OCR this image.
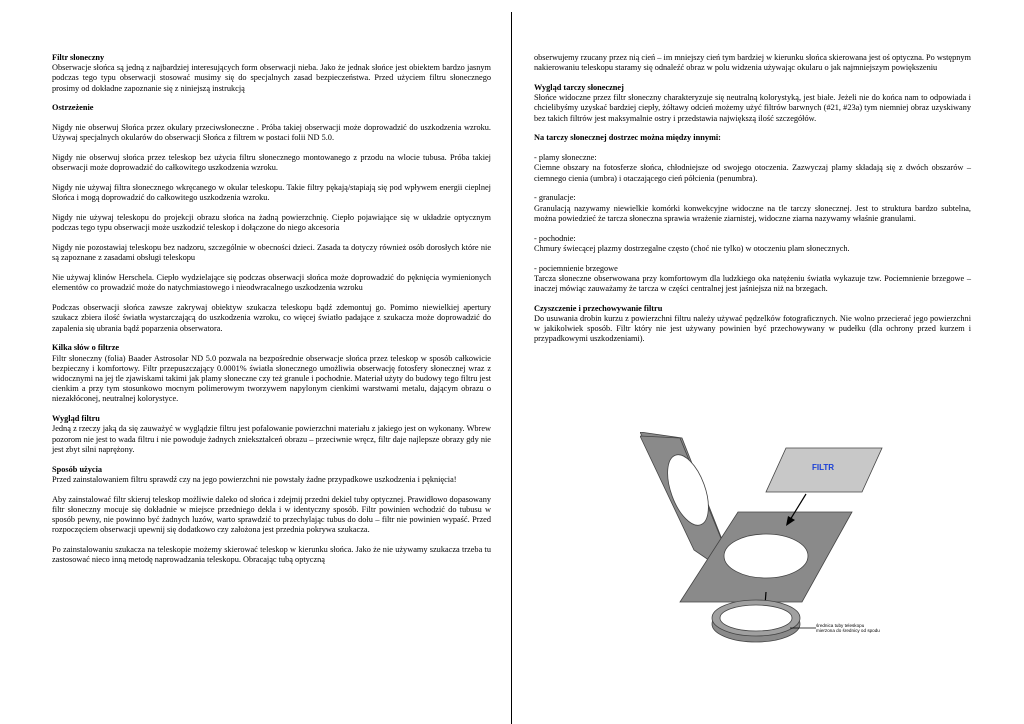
Filtr słoneczny
Obserwacje słońca są jedną z najbardziej interesujących form obserwacji nieba. Jako że jednak słońce jest obiektem bardzo jasnym podczas tego typu obserwacji stosować musimy się do specjalnych zasad bezpieczeństwa. Przed użyciem filtru słonecznego prosimy od dokładne zapoznanie się z niniejszą instrukcją

Ostrzeżenie

Nigdy nie obserwuj Słońca przez okulary przeciwsłoneczne . Próba takiej obserwacji może doprowadzić do uszkodzenia wzroku. Używaj specjalnych okularów do obserwacji Słońca z filtrem w postaci folii ND 5.0.

Nigdy nie obserwuj słońca przez teleskop bez użycia filtru słonecznego montowanego z przodu na wlocie tubusa. Próba takiej obserwacji może doprowadzić do całkowitego uszkodzenia wzroku.

Nigdy nie używaj filtra słonecznego wkręcanego w okular teleskopu. Takie filtry pękają/stapiają się pod wpływem energii cieplnej Słońca i mogą doprowadzić do całkowitego uszkodzenia wzroku.

Nigdy nie używaj teleskopu do projekcji obrazu słońca na żadną powierzchnię. Ciepło pojawiające się w układzie optycznym podczas tego typu obserwacji może uszkodzić teleskop i dołączone do niego akcesoria

Nigdy nie pozostawiaj teleskopu bez nadzoru, szczególnie w obecności dzieci. Zasada ta dotyczy również osób dorosłych które nie są zapoznane z zasadami obsługi teleskopu

Nie używaj klinów Herschela. Ciepło wydzielające się podczas obserwacji słońca może doprowadzić do pęknięcia wymienionych elementów co prowadzić może do natychmiastowego i nieodwracalnego uszkodzenia wzroku

Podczas obserwacji słońca zawsze zakrywaj obiektyw szukacza teleskopu bądź zdemontuj go. Pomimo niewielkiej apertury szukacz zbiera ilość światła wystarczającą do uszkodzenia wzroku, co więcej światło padające z szukacza może doprowadzić do zapalenia się ubrania bądź poparzenia obserwatora.

Kilka słów o filtrze
Filtr słoneczny (folia) Baader Astrosolar ND 5.0 pozwala na bezpośrednie obserwacje słońca przez teleskop w sposób całkowicie bezpieczny i komfortowy. Filtr przepuszczający 0.0001% światła słonecznego umożliwia obserwację fotosfery słonecznej wraz z widocznymi na jej tle zjawiskami takimi jak plamy słoneczne czy też granule i pochodnie. Materiał użyty do budowy tego filtru jest cienkim a przy tym stosunkowo mocnym polimerowym tworzywem napylonym cienkimi warstwami metalu, dającym obrazu o niezakłóconej, neutralnej kolorystyce.
Wygląd filtru
Jedną z rzeczy jaką da się zauważyć w wyglądzie filtru jest pofalowanie powierzchni materiału z jakiego jest on wykonany. Wbrew pozorom nie jest to wada filtru i nie powoduje żadnych zniekształceń obrazu – przeciwnie wręcz, filtr daje najlepsze obrazy gdy nie jest zbyt silni naprężony.
Sposób użycia
Przed zainstalowaniem filtru sprawdź czy na jego powierzchni nie powstały żadne przypadkowe uszkodzenia i pęknięcia!

Aby zainstalować filtr skieruj teleskop możliwie daleko od słońca i zdejmij przedni dekiel tuby optycznej. Prawidłowo dopasowany filtr słoneczny mocuje się dokładnie w miejsce przedniego dekla i w identyczny sposób. Filtr powinien wchodzić do tubusu w sposób pewny, nie powinno być żadnych luzów, warto sprawdzić to przechylając tubus do dołu – filtr nie powinien wypaść. Przed rozpoczęciem obserwacji upewnij się dodatkowo czy założona jest przednia pokrywa szukacza.

Po zainstalowaniu szukacza na teleskopie możemy skierować teleskop w kierunku słońca. Jako że nie używamy szukacza trzeba tu zastosować nieco inną metodę naprowadzania teleskopu. Obracając tubą optyczną

obserwujemy rzucany przez nią cień – im mniejszy cień tym bardziej w kierunku słońca skierowana jest oś optyczna. Po wstępnym nakierowaniu teleskopu staramy się odnaleźć obraz w polu widzenia używając okularu o jak najmniejszym powiększeniu

Wygląd tarczy słonecznej
Słońce widoczne przez filtr słoneczny charakteryzuje się neutralną kolorystyką, jest białe. Jeżeli nie do końca nam to odpowiada i chcielibyśmy uzyskać bardziej ciepły, żółtawy odcień możemy użyć filtrów barwnych (#21, #23a) tym niemniej obraz uzyskiwany bez takich filtrów jest maksymalnie ostry i przedstawia największą ilość szczegółów.

Na tarczy słonecznej dostrzec można między innymi:

- plamy słoneczne:
Ciemne obszary na fotosferze słońca, chłodniejsze od swojego otoczenia. Zazwyczaj plamy składają się z dwóch obszarów – ciemnego cienia (umbra) i otaczającego cień półcienia (penumbra).
- granulacje:
Granulacją nazywamy niewielkie komórki konwekcyjne widoczne na tle tarczy słonecznej. Jest to struktura bardzo subtelna, można powiedzieć że tarcza słoneczna sprawia wrażenie ziarnistej, widoczne ziarna nazywamy właśnie granulami.
- pochodnie:
Chmury świecącej plazmy dostrzegalne często (choć nie tylko) w otoczeniu plam słonecznych.
- pociemnienie brzegowe
Tarcza słoneczne obserwowana przy komfortowym dla ludzkiego oka natężeniu światła wykazuje tzw. Pociemnienie brzegowe – inaczej mówiąc zauważamy że tarcza w części centralnej jest jaśniejsza niż na brzegach.
Czyszczenie i przechowywanie filtru
Do usuwania drobin kurzu z powierzchni filtru należy używać pędzelków fotograficznych. Nie wolno przecierać jego powierzchni w jakikolwiek sposób. Filtr który nie jest używany powinien być przechowywany w pudełku (dla ochrony przed kurzem i przypadkowymi uszkodzeniami).
FILTR
średnica tuby teleskopu mierzona do średnicy od spodu
